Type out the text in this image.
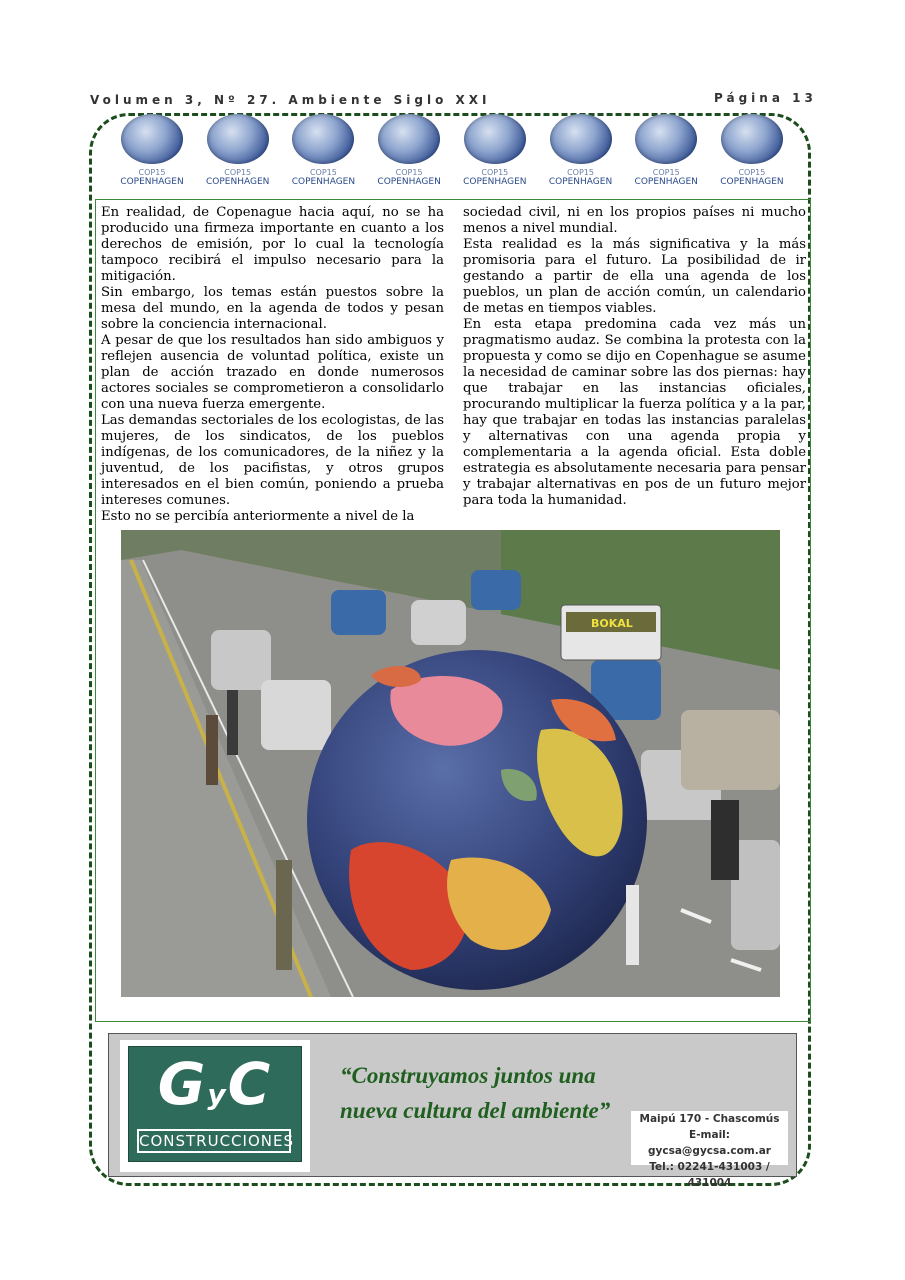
Volumen 3, Nº 27. Ambiente Siglo XXI	Página 13
COP15
COPENHAGEN
COP15
COPENHAGEN
COP15
COPENHAGEN
COP15
COPENHAGEN
COP15
COPENHAGEN
COP15
COPENHAGEN
COP15
COPENHAGEN
COP15
COPENHAGEN

En realidad, de Copenague hacia aquí, no se ha producido una firmeza importante en cuanto a los derechos de emisión, por lo cual la tecnología tampoco recibirá el impulso necesario para la mitigación.

Sin embargo, los temas están puestos sobre la mesa del mundo, en la agenda de todos y pesan sobre la conciencia internacional.

A pesar de que los resultados han sido ambiguos y reflejen ausencia de voluntad política, existe un plan de acción trazado en donde numerosos actores sociales se comprometieron a consolidarlo con una nueva fuerza emergente.

Las demandas sectoriales de los ecologistas, de las mujeres, de los sindicatos, de los pueblos indígenas, de los comunicadores, de la niñez y la juventud, de los pacifistas, y otros grupos interesados en el bien común, poniendo a prueba intereses comunes.

Esto no se percibía anteriormente a nivel de la

sociedad civil, ni en los propios países ni mucho menos a nivel mundial.

Esta realidad es la más significativa y la más promisoria para el futuro. La posibilidad de ir gestando a partir de ella una agenda de los pueblos, un plan de acción común, un calendario de metas en tiempos viables.

En esta etapa predomina cada vez más un pragmatismo audaz. Se combina la protesta con la propuesta y como se dijo en Copenhague se asume la necesidad de caminar sobre las dos piernas: hay que trabajar en las instancias oficiales, procurando multiplicar la fuerza política y a la par, hay que trabajar en todas las instancias paralelas y alternativas con una agenda propia y complementaria a la agenda oficial. Esta doble estrategia es absolutamente necesaria para pensar y trabajar alternativas en pos de un futuro mejor para toda la humanidad.

BOKAL
GyC
CONSTRUCCIONES
“Construyamos juntos una
nueva cultura del ambiente”	Maipú 170 - Chascomús
E-mail: gycsa@gycsa.com.ar
Tel.: 02241-431003 / 431004
